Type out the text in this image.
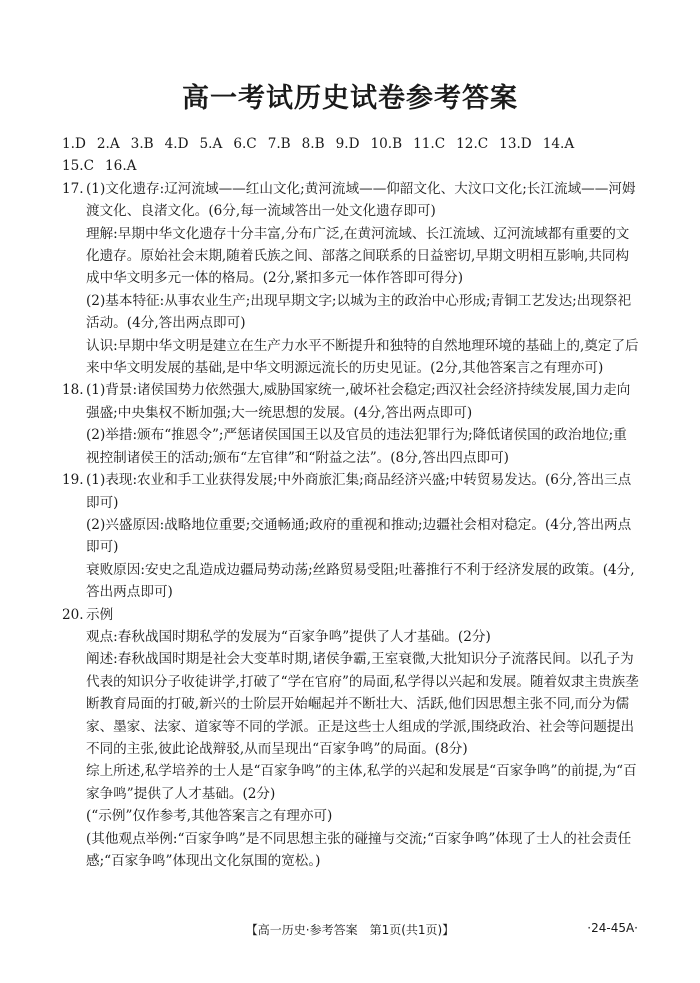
高一考试历史试卷参考答案
1.D 2.A 3.B 4.D 5.A 6.C 7.B 8.B 9.D 10.B 11.C 12.C 13.D 14.A
15.C 16.A
17. (1)文化遗存:辽河流域——红山文化;黄河流域——仰韶文化、大汶口文化;长江流域——河姆渡文化、良渚文化。(6分,每一流域答出一处文化遗存即可)

理解:早期中华文化遗存十分丰富,分布广泛,在黄河流域、长江流域、辽河流域都有重要的文化遗存。原始社会末期,随着氏族之间、部落之间联系的日益密切,早期文明相互影响,共同构成中华文明多元一体的格局。(2分,紧扣多元一体作答即可得分)

(2)基本特征:从事农业生产;出现早期文字;以城为主的政治中心形成;青铜工艺发达;出现祭祀活动。(4分,答出两点即可)

认识:早期中华文明是建立在生产力水平不断提升和独特的自然地理环境的基础上的,奠定了后来中华文明发展的基础,是中华文明源远流长的历史见证。(2分,其他答案言之有理亦可)

18. (1)背景:诸侯国势力依然强大,威胁国家统一,破坏社会稳定;西汉社会经济持续发展,国力走向强盛;中央集权不断加强;大一统思想的发展。(4分,答出两点即可)

(2)举措:颁布“推恩令”;严惩诸侯国国王以及官员的违法犯罪行为;降低诸侯国的政治地位;重视控制诸侯王的活动;颁布“左官律”和“附益之法”。(8分,答出四点即可)

19. (1)表现:农业和手工业获得发展;中外商旅汇集;商品经济兴盛;中转贸易发达。(6分,答出三点即可)

(2)兴盛原因:战略地位重要;交通畅通;政府的重视和推动;边疆社会相对稳定。(4分,答出两点即可)

衰败原因:安史之乱造成边疆局势动荡;丝路贸易受阻;吐蕃推行不利于经济发展的政策。(4分,答出两点即可)

20. 示例

观点:春秋战国时期私学的发展为“百家争鸣”提供了人才基础。(2分)

阐述:春秋战国时期是社会大变革时期,诸侯争霸,王室衰微,大批知识分子流落民间。以孔子为代表的知识分子收徒讲学,打破了“学在官府”的局面,私学得以兴起和发展。随着奴隶主贵族垄断教育局面的打破,新兴的士阶层开始崛起并不断壮大、活跃,他们因思想主张不同,而分为儒家、墨家、法家、道家等不同的学派。正是这些士人组成的学派,围绕政治、社会等问题提出不同的主张,彼此论战辩驳,从而呈现出“百家争鸣”的局面。(8分)

综上所述,私学培养的士人是“百家争鸣”的主体,私学的兴起和发展是“百家争鸣”的前提,为“百家争鸣”提供了人才基础。(2分)

(“示例”仅作参考,其他答案言之有理亦可)

(其他观点举例:“百家争鸣”是不同思想主张的碰撞与交流;“百家争鸣”体现了士人的社会责任感;“百家争鸣”体现出文化氛围的宽松。)

【高一历史·参考答案　第1页(共1页)】	·24-45A·
